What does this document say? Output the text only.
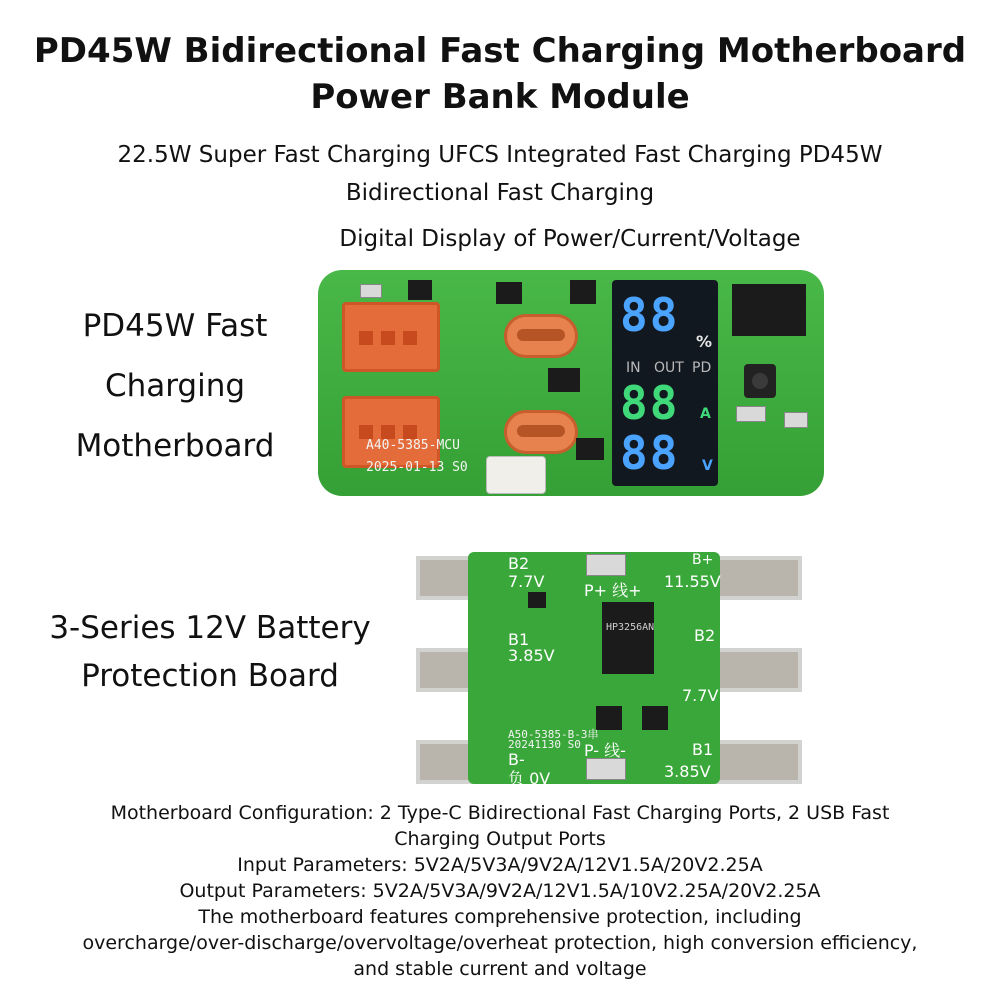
PD45W Bidirectional Fast Charging Motherboard
Power Bank Module
22.5W Super Fast Charging UFCS Integrated Fast Charging PD45W
Bidirectional Fast Charging
Digital Display of Power/Current/Voltage
PD45W Fast
Charging
Motherboard	A40-5385-MCU
2025-01-13 S0
88 %
IN OUT PD
88 A
88 V
3-Series 12V Battery
Protection Board
B2
7.7V P+ 线+
B+
11.55V
B1
3.85V
B2
7.7V
HP3256AN
A50-5385-B-3串
20241130 S0 P- 线-
B-
负 0V
B1
3.85V
Motherboard Configuration: 2 Type-C Bidirectional Fast Charging Ports, 2 USB Fast
Charging Output Ports
Input Parameters: 5V2A/5V3A/9V2A/12V1.5A/20V2.25A
Output Parameters: 5V2A/5V3A/9V2A/12V1.5A/10V2.25A/20V2.25A
The motherboard features comprehensive protection, including
overcharge/over-discharge/overvoltage/overheat protection, high conversion efficiency,
and stable current and voltage
